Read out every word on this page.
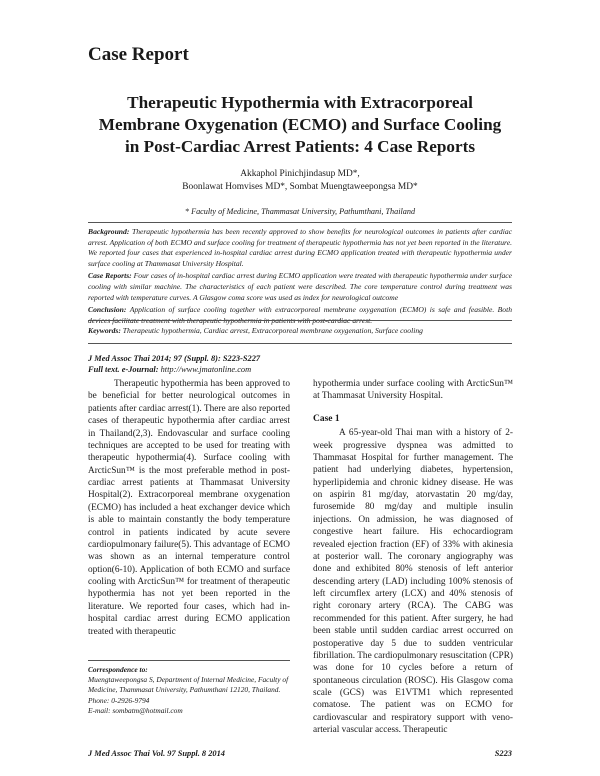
Case Report
Therapeutic Hypothermia with Extracorporeal
Membrane Oxygenation (ECMO) and Surface Cooling
in Post-Cardiac Arrest Patients: 4 Case Reports
Akkaphol Pinichjindasup MD*,
Boonlawat Homvises MD*, Sombat Muengtaweepongsa MD*
* Faculty of Medicine, Thammasat University, Pathumthani, Thailand

Background: Therapeutic hypothermia has been recently approved to show benefits for neurological outcomes in patients after cardiac arrest. Application of both ECMO and surface cooling for treatment of therapeutic hypothermia has not yet been reported in the literature. We reported four cases that experienced in-hospital cardiac arrest during ECMO application treated with therapeutic hypothermia under surface cooling at Thammasat University Hospital.

Case Reports: Four cases of in-hospital cardiac arrest during ECMO application were treated with therapeutic hypothermia under surface cooling with similar machine. The characteristics of each patient were described. The core temperature control during treatment was reported with temperature curves. A Glasgow coma score was used as index for neurological outcome

Conclusion: Application of surface cooling together with extracorporeal membrane oxygenation (ECMO) is safe and feasible. Both devices facilitate treatment with therapeutic hypothermia in patients with post-cardiac arrest.

Keywords: Therapeutic hypothermia, Cardiac arrest, Extracorporeal membrane oxygenation, Surface cooling
J Med Assoc Thai 2014; 97 (Suppl. 8): S223-S227
Full text. e-Journal: http://www.jmatonline.com

Therapeutic hypothermia has been approved to be beneficial for better neurological outcomes in patients after cardiac arrest(1). There are also reported cases of therapeutic hypothermia after cardiac arrest in Thailand(2,3). Endovascular and surface cooling techniques are accepted to be used for treating with therapeutic hypothermia(4). Surface cooling with ArcticSun™ is the most preferable method in post-cardiac arrest patients at Thammasat University Hospital(2). Extracorporeal membrane oxygenation (ECMO) has included a heat exchanger device which is able to maintain constantly the body temperature control in patients indicated by acute severe cardiopulmonary failure(5). This advantage of ECMO was shown as an internal temperature control option(6-10). Application of both ECMO and surface cooling with ArcticSun™ for treatment of therapeutic hypothermia has not yet been reported in the literature. We reported four cases, which had in-hospital cardiac arrest during ECMO application treated with therapeutic

hypothermia under surface cooling with ArcticSun™ at Thammasat University Hospital.

Case 1

A 65-year-old Thai man with a history of 2-week progressive dyspnea was admitted to Thammasat Hospital for further management. The patient had underlying diabetes, hypertension, hyperlipidemia and chronic kidney disease. He was on aspirin 81 mg/day, atorvastatin 20 mg/day, furosemide 80 mg/day and multiple insulin injections. On admission, he was diagnosed of congestive heart failure. His echocardiogram revealed ejection fraction (EF) of 33% with akinesia at posterior wall. The coronary angiography was done and exhibited 80% stenosis of left anterior descending artery (LAD) including 100% stenosis of left circumflex artery (LCX) and 40% stenosis of right coronary artery (RCA). The CABG was recommended for this patient. After surgery, he had been stable until sudden cardiac arrest occurred on postoperative day 5 due to sudden ventricular fibrillation. The cardiopulmonary resuscitation (CPR) was done for 10 cycles before a return of spontaneous circulation (ROSC). His Glasgow coma scale (GCS) was E1VTM1 which represented comatose. The patient was on ECMO for cardiovascular and respiratory support with veno-arterial vascular access. Therapeutic

Correspondence to:
Muengtaweepongsa S, Department of Internal Medicine, Faculty of Medicine, Thammasat University, Pathumthani 12120, Thailand.
Phone: 0-2926-9794
E-mail: sombatm@hotmail.com
J Med Assoc Thai Vol. 97 Suppl. 8 2014	S223
